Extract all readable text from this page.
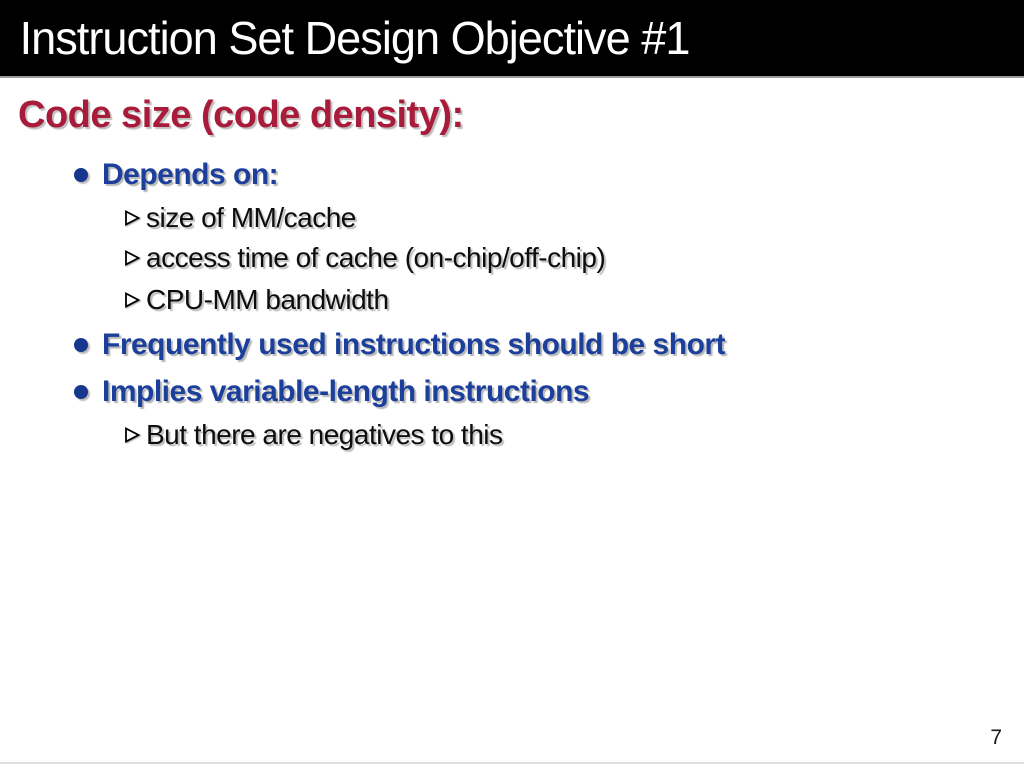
Instruction Set Design Objective #1
Code size (code density):
Depends on:
size of MM/cache
access time of cache (on-chip/off-chip)
CPU-MM bandwidth
Frequently used instructions should be short
Implies variable-length instructions
But there are negatives to this
7
